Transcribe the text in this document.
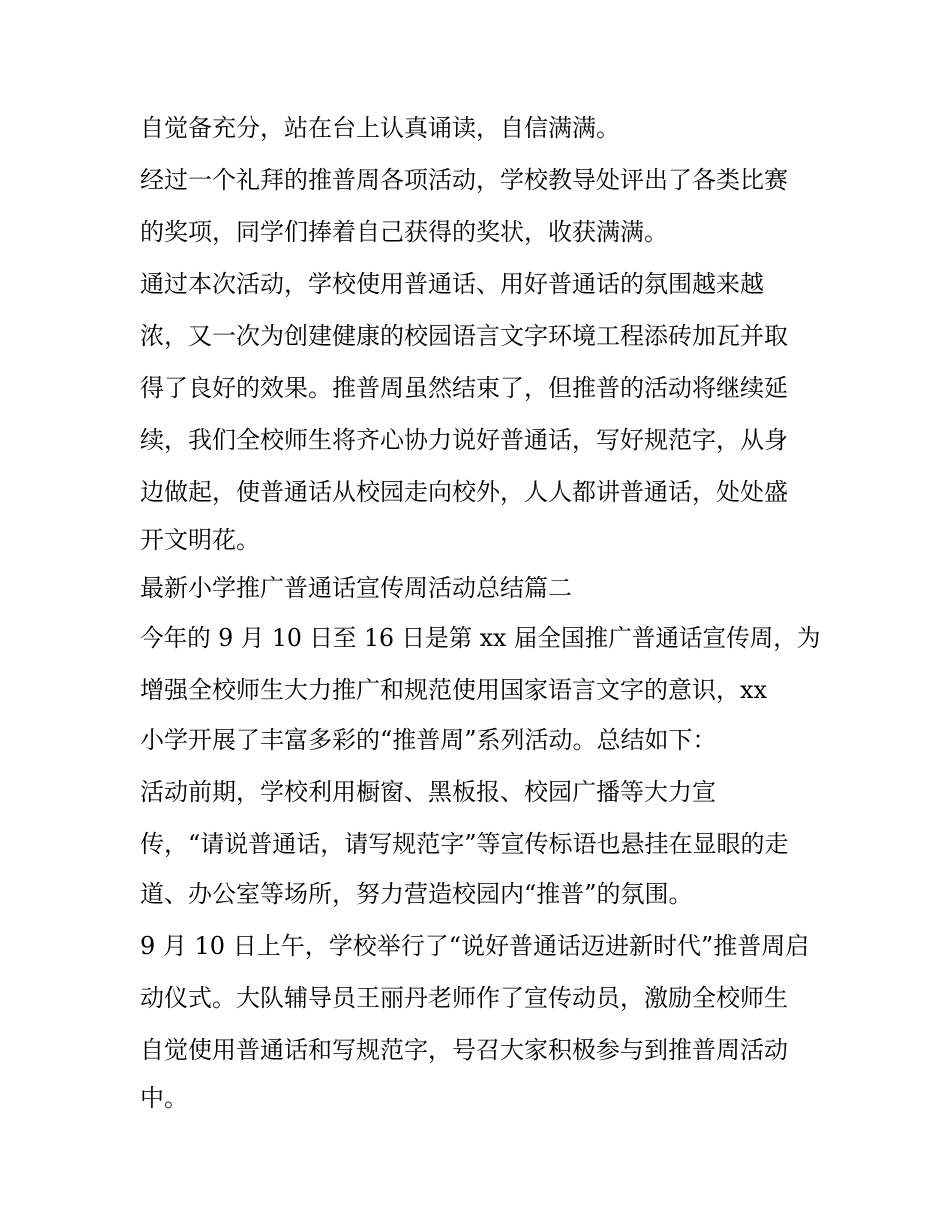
自觉备充分，站在台上认真诵读，自信满满。
经过一个礼拜的推普周各项活动，学校教导处评出了各类比赛
的奖项，同学们捧着自己获得的奖状，收获满满。
通过本次活动，学校使用普通话、用好普通话的氛围越来越
浓，又一次为创建健康的校园语言文字环境工程添砖加瓦并取
得了良好的效果。推普周虽然结束了，但推普的活动将继续延
续，我们全校师生将齐心协力说好普通话，写好规范字，从身
边做起，使普通话从校园走向校外，人人都讲普通话，处处盛
开文明花。
最新小学推广普通话宣传周活动总结篇二
今年的 9 月 10 日至 16 日是第 xx 届全国推广普通话宣传周，为
增强全校师生大力推广和规范使用国家语言文字的意识，xx
小学开展了丰富多彩的“推普周”系列活动。总结如下：
活动前期，学校利用橱窗、黑板报、校园广播等大力宣
传，“请说普通话，请写规范字”等宣传标语也悬挂在显眼的走
道、办公室等场所，努力营造校园内“推普”的氛围。
9 月 10 日上午，学校举行了“说好普通话迈进新时代”推普周启
动仪式。大队辅导员王丽丹老师作了宣传动员，激励全校师生
自觉使用普通话和写规范字，号召大家积极参与到推普周活动
中。
